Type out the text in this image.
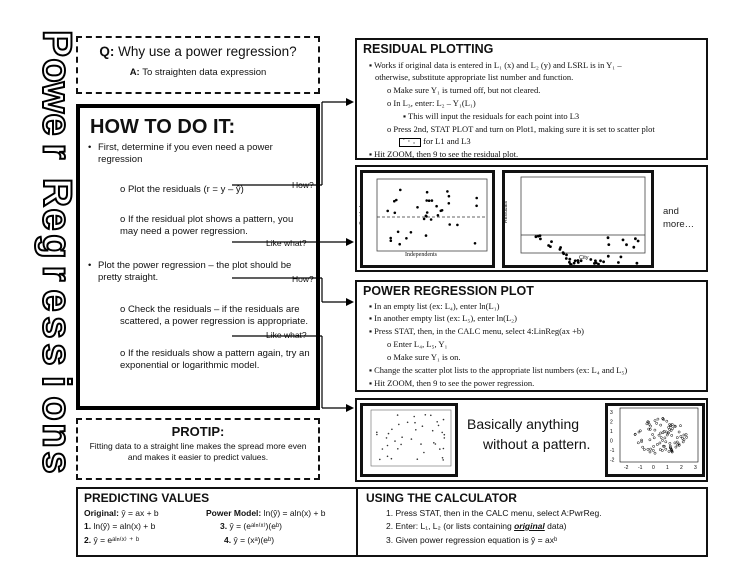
P
o
w
e
r

R
e
g
r
e
s
s
i
o
n
s
Q: Why use a power regression?
A: To straighten data expression
HOW TO DO IT:
• First, determine if you even need a power regression
o Plot the residuals (r = y – ŷ)
o If the residual plot shows a pattern, you may need a power regression.
• Plot the power regression – the plot should be pretty straight.
o Check the residuals – if the residuals are scattered, a power regression is appropriate.
o If the residuals show a pattern again, try an exponential or logarithmic model.
How?
Like what?
How?
Like what?
PROTIP:
Fitting data to a straight line makes the spread more even and makes it easier to predict values.
RESIDUAL PLOTTING
▪ Works if original data is entered in L₁ (x) and L₂ (y) and LSRL is in Y₁ –
otherwise, substitute appropriate list number and function.
o Make sure Y₁ is turned off, but not cleared.
o In L₃, enter: L₂ – Y₁(L₁)
▪ This will input the residuals for each point into L3
o Press 2nd, STAT PLOT and turn on Plot1, making sure it is set to scatter plot
⠁⠂⠄ for L1 and L3
▪ Hit ZOOM, then 9 to see the residual plot.
Independents
Residuals
City
Residuals	and
more…
POWER REGRESSION PLOT
▪ In an empty list (ex: L₄), enter ln(L₁)
▪ In another empty list (ex: L₅), enter ln(L₂)
▪ Press STAT, then, in the CALC menu, select 4:LinReg(ax +b)
o Enter L₄, L₅, Y₁
o Make sure Y₁ is on.
▪ Change the scatter plot lists to the appropriate list numbers (ex: L₄ and L₅)
▪ Hit ZOOM, then 9 to see the power regression.
Basically anything
without a pattern.
-2 -1 0 1 2 3
3
2
1
0
-1
-2
PREDICTING VALUES
Original: ŷ = ax + b
1. ln(ŷ) = aln(x) + b
2. ŷ = eᵃˡⁿ⁽ˣ⁾ ⁺ ᵇ
Power Model: ln(ŷ) = aln(x) + b
3. ŷ = (eᵃˡⁿ⁽ˣ⁾)(eᵇ)
4. ŷ = (xᵃ)(eᵇ)
USING THE CALCULATOR
1. Press STAT, then in the CALC menu, select A:PwrReg.
2. Enter: L₁, L₂ (or lists containing original data)
3. Given power regression equation is ŷ = axᵇ
